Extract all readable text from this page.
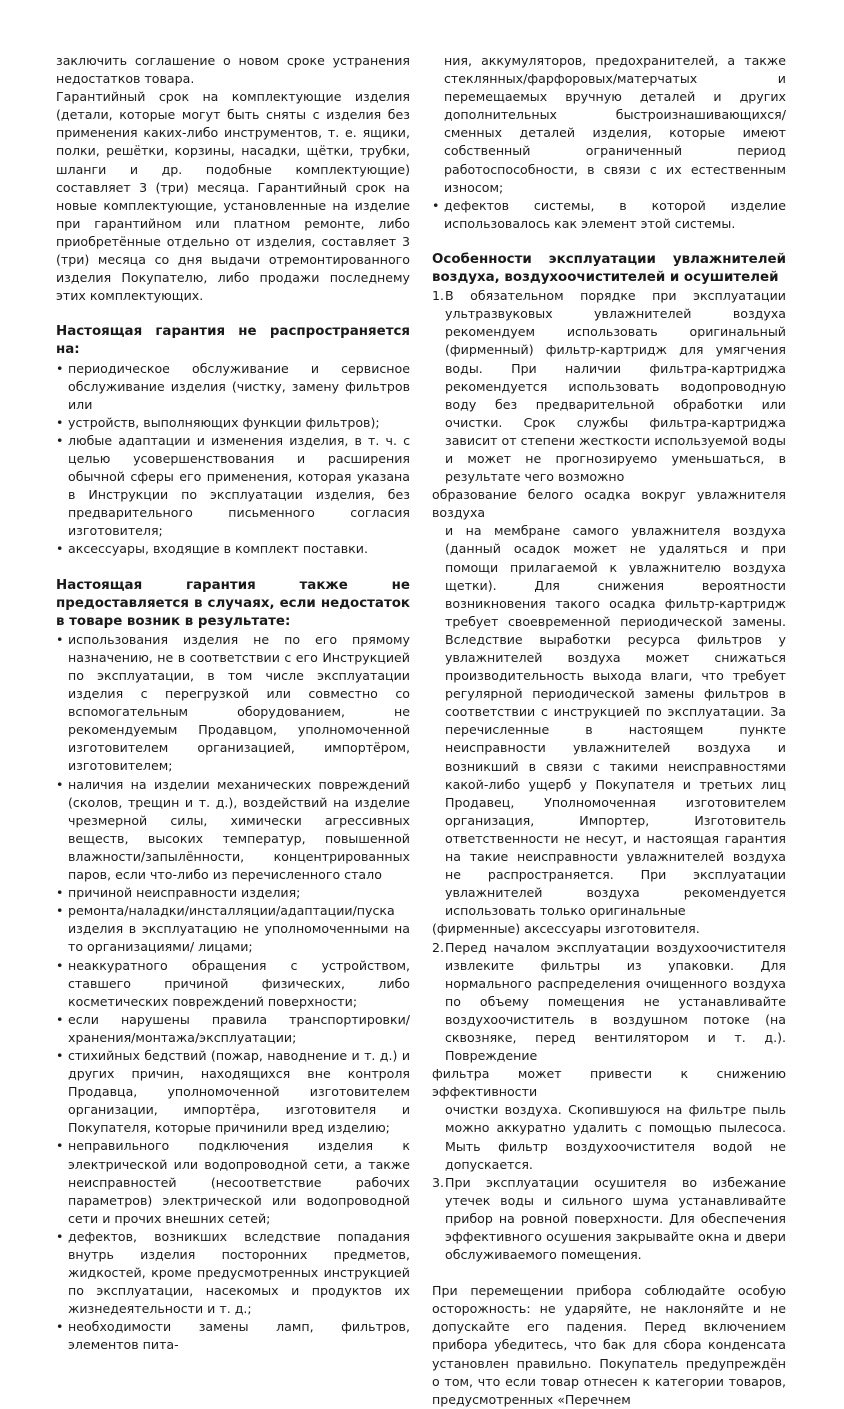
заключить соглашение о новом сроке устранения недостатков товара.

Гарантийный срок на комплектующие изделия (детали, которые могут быть сняты с изделия без применения каких-либо инструментов, т. е. ящики, полки, решётки, корзины, насадки, щётки, трубки, шланги и др. подобные комплектующие) составляет 3 (три) месяца. Гарантийный срок на новые комплектующие, установленные на изделие при гарантийном или платном ремонте, либо приобретённые отдельно от изделия, составляет 3 (три) месяца со дня выдачи отремонтированного изделия Покупателю, либо продажи последнему этих комплектующих.

Настоящая гарантия не распространяется на:

• периодическое обслуживание и сервисное обслуживание изделия (чистку, замену фильтров или

• устройств, выполняющих функции фильтров);

• любые адаптации и изменения изделия, в т. ч. с целью усовершенствования и расширения обычной сферы его применения, которая указана в Инструкции по эксплуатации изделия, без предварительного письменного согласия изготовителя;

• аксессуары, входящие в комплект поставки.

Настоящая гарантия также не предоставляется в случаях, если недостаток в товаре возник в результате:

• использования изделия не по его прямому назначению, не в соответствии с его Инструкцией по эксплуатации, в том числе эксплуатации изделия с перегрузкой или совместно со вспомогательным оборудованием, не рекомендуемым Продавцом, уполномоченной изготовителем организацией, импортёром, изготовителем;

• наличия на изделии механических повреждений (сколов, трещин и т. д.), воздействий на изделие чрезмерной силы, химически агрессивных веществ, высоких температур, повышенной влажности/запылённости, концентрированных паров, если что-либо из перечисленного стало

• причиной неисправности изделия;

• ремонта/наладки/инсталляции/адаптации/пуска изделия в эксплуатацию не уполномоченными на то организациями/ лицами;

• неаккуратного обращения с устройством, ставшего причиной физических, либо косметических повреждений поверхности;

• если нарушены правила транспортировки/хранения/монтажа/эксплуатации;

• стихийных бедствий (пожар, наводнение и т. д.) и других причин, находящихся вне контроля Продавца, уполномоченной изготовителем организации, импортёра, изготовителя и Покупателя, которые причинили вред изделию;

• неправильного подключения изделия к электрической или водопроводной сети, а также неисправностей (несоответствие рабочих параметров) электрической или водопроводной сети и прочих внешних сетей;

• дефектов, возникших вследствие попадания внутрь изделия посторонних предметов, жидкостей, кроме предусмотренных инструкцией по эксплуатации, насекомых и продуктов их жизнедеятельности и т. д.;

• необходимости замены ламп, фильтров, элементов пита-

ния, аккумуляторов, предохранителей, а также стеклянных/фарфоровых/матерчатых и перемещаемых вручную деталей и других дополнительных быстроизнашивающихся/сменных деталей изделия, которые имеют собственный ограниченный период работоспособности, в связи с их естественным износом;

• дефектов системы, в которой изделие использовалось как элемент этой системы.

Особенности эксплуатации увлажнителей воздуха, воздухоочистителей и осушителей

1. В обязательном порядке при эксплуатации ультразвуковых увлажнителей воздуха рекомендуем использовать оригинальный (фирменный) фильтр-картридж для умягчения воды. При наличии фильтра-картриджа рекомендуется использовать водопроводную воду без предварительной обработки или очистки. Срок службы фильтра-картриджа зависит от степени жесткости используемой воды и может не прогнозируемо уменьшаться, в результате чего возможно

образование белого осадка вокруг увлажнителя воздуха

и на мембране самого увлажнителя воздуха (данный осадок может не удаляться и при помощи прилагаемой к увлажнителю воздуха щетки). Для снижения вероятности возникновения такого осадка фильтр-картридж требует своевременной периодической замены. Вследствие выработки ресурса фильтров у увлажнителей воздуха может снижаться производительность выхода влаги, что требует регулярной периодической замены фильтров в соответствии с инструкцией по эксплуатации. За перечисленные в настоящем пункте неисправности увлажнителей воздуха и возникший в связи с такими неисправностями какой-либо ущерб у Покупателя и третьих лиц Продавец, Уполномоченная изготовителем организация, Импортер, Изготовитель ответственности не несут, и настоящая гарантия на такие неисправности увлажнителей воздуха не распространяется. При эксплуатации увлажнителей воздуха рекомендуется использовать только оригинальные

(фирменные) аксессуары изготовителя.

2. Перед началом эксплуатации воздухоочистителя извлеките фильтры из упаковки. Для нормального распределения очищенного воздуха по объему помещения не устанавливайте воздухоочиститель в воздушном потоке (на сквозняке, перед вентилятором и т. д.). Повреждение

фильтра может привести к снижению эффективности

очистки воздуха. Скопившуюся на фильтре пыль можно аккуратно удалить с помощью пылесоса. Мыть фильтр воздухоочистителя водой не допускается.

3. При эксплуатации осушителя во избежание утечек воды и сильного шума устанавливайте прибор на ровной поверхности. Для обеспечения эффективного осушения закрывайте окна и двери обслуживаемого помещения.

При перемещении прибора соблюдайте особую осторожность: не ударяйте, не наклоняйте и не допускайте его падения. Перед включением прибора убедитесь, что бак для сбора конденсата установлен правильно. Покупатель предупреждён о том, что если товар отнесен к категории товаров, предусмотренных «Перечнем
